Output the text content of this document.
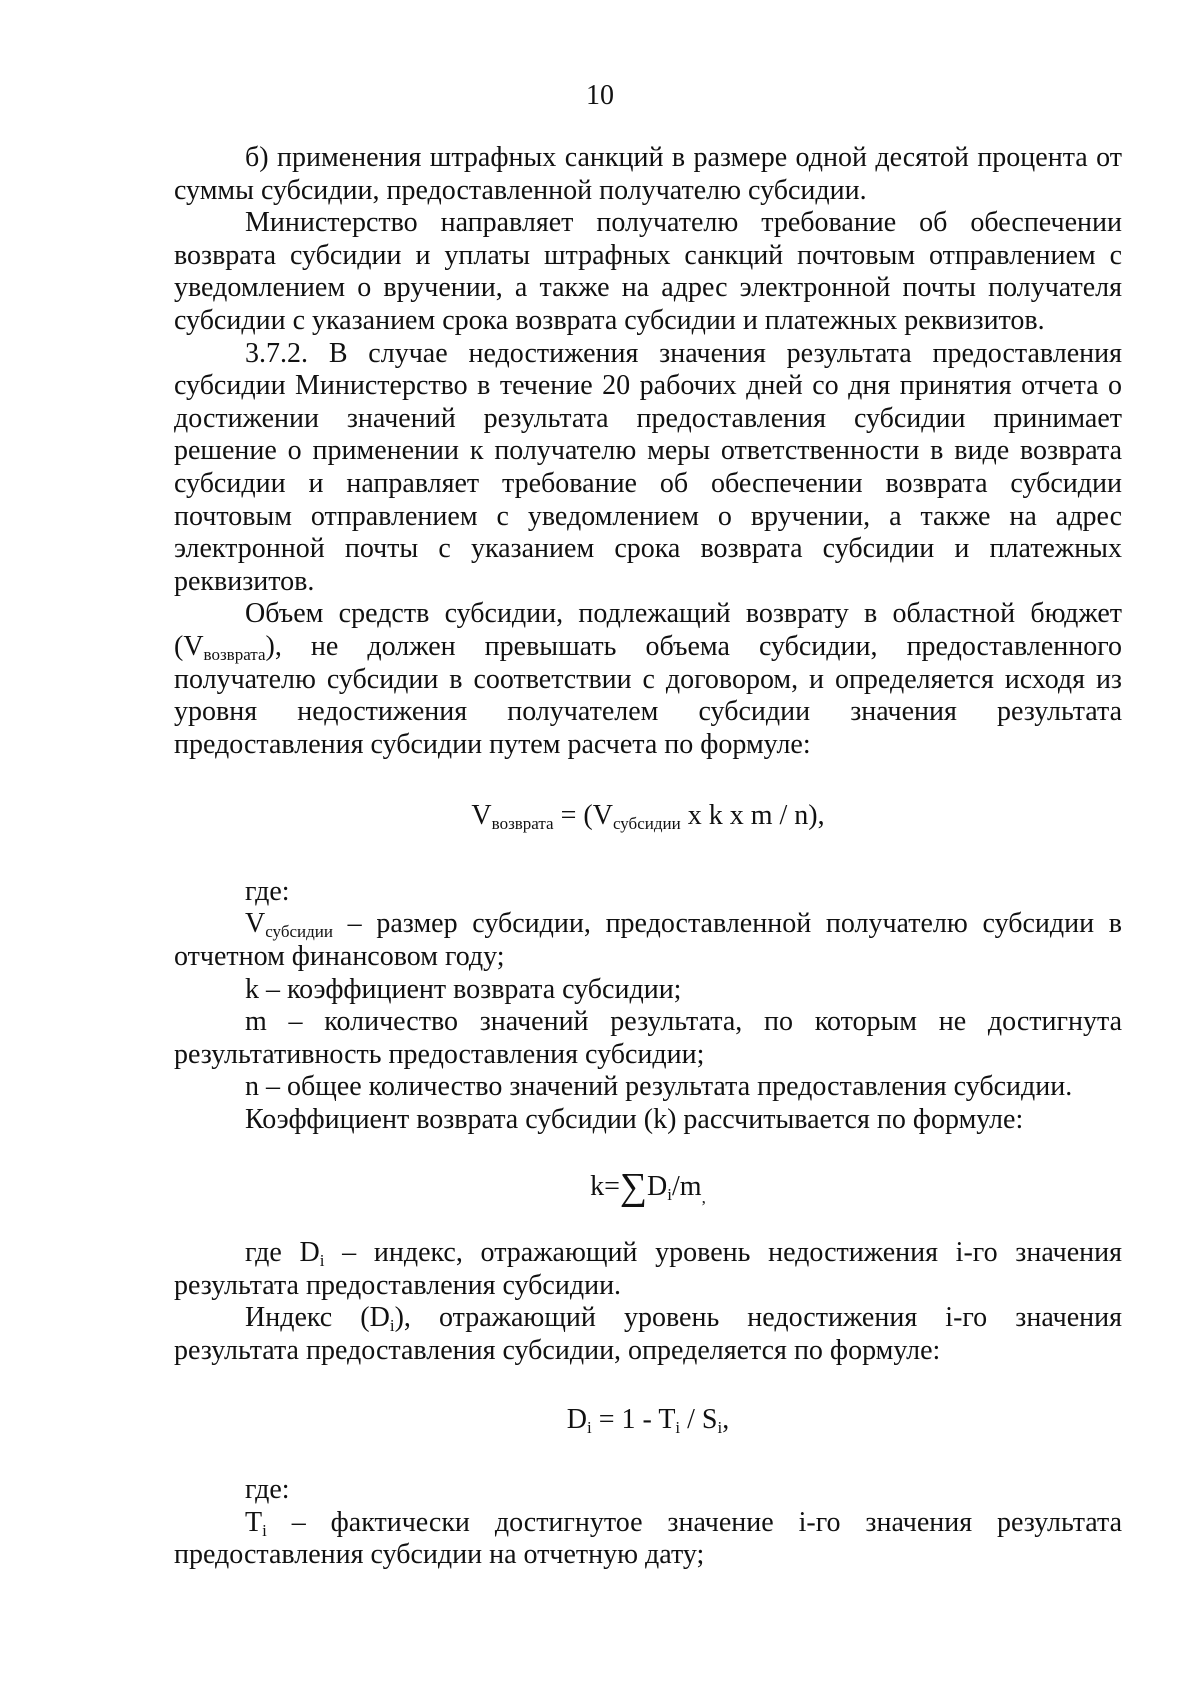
10

б) применения штрафных санкций в размере одной десятой процента от суммы субсидии, предоставленной получателю субсидии.

Министерство направляет получателю требование об обеспечении возврата субсидии и уплаты штрафных санкций почтовым отправлением с уведомлением о вручении, а также на адрес электронной почты получателя субсидии с указанием срока возврата субсидии и платежных реквизитов.

3.7.2. В случае недостижения значения результата предоставления субсидии Министерство в течение 20 рабочих дней со дня принятия отчета о достижении значений результата предоставления субсидии принимает решение о применении к получателю меры ответственности в виде возврата субсидии и направляет требование об обеспечении возврата субсидии почтовым отправлением с уведомлением о вручении, а также на адрес электронной почты с указанием срока возврата субсидии и платежных реквизитов.

Объем средств субсидии, подлежащий возврату в областной бюджет $(V_{возврата})$, не должен превышать объема субсидии, предоставленного получателю субсидии в соответствии с договором, и определяется исходя из уровня недостижения получателем субсидии значения результата предоставления субсидии путем расчета по формуле:

$V_{возврата} = (V_{субсидии}$ x k x m / n),

где:

$V_{субсидии}$ – размер субсидии, предоставленной получателю субсидии в отчетном финансовом году;

k – коэффициент возврата субсидии;

m – количество значений результата, по которым не достигнута результативность предоставления субсидии;

n – общее количество значений результата предоставления субсидии.

Коэффициент возврата субсидии (k) рассчитывается по формуле:

$k=\sum D_i/m_,$

где $D_i$ – индекс, отражающий уровень недостижения i-го значения результата предоставления субсидии.

Индекс $(D_i)$, отражающий уровень недостижения i-го значения результата предоставления субсидии, определяется по формуле:

$D_i = 1 - T_i / S_i$,

где:

$T_i$ – фактически достигнутое значение i-го значения результата предоставления субсидии на отчетную дату;
